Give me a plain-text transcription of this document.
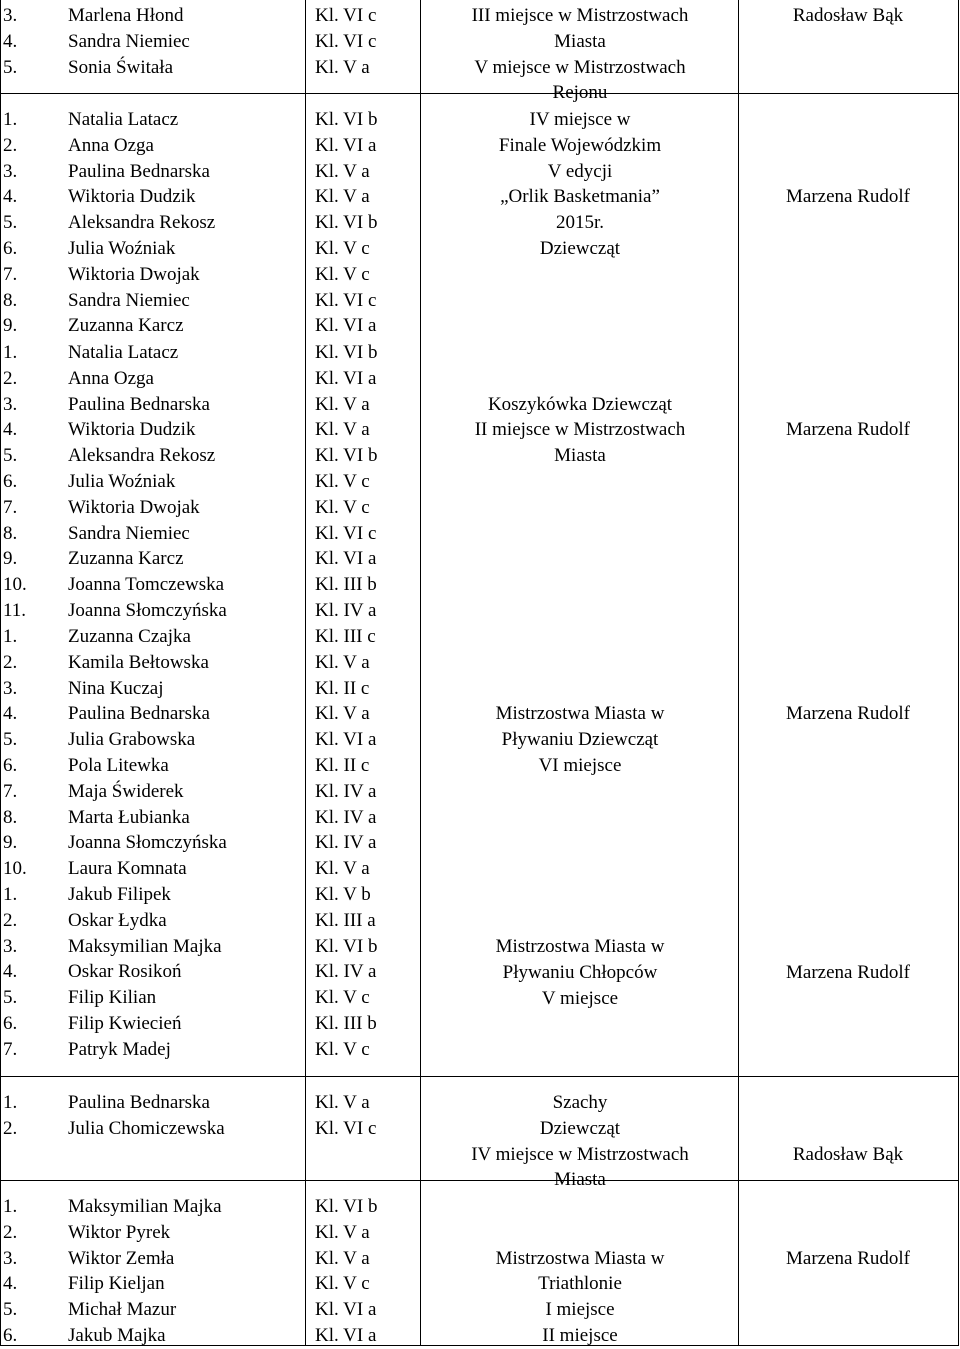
3.	Marlena Hłond	Kl. VI c
4.	Sandra Niemiec	Kl. VI c
5.	Sonia Świtała	Kl. V a
III miejsce w Mistrzostwach
Miasta
V miejsce w Mistrzostwach
Rejonu
Radosław Bąk
1.	Natalia Latacz	Kl. VI b
2.	Anna Ozga	Kl. VI a
3.	Paulina Bednarska	Kl. V a
4.	Wiktoria Dudzik	Kl. V a
5.	Aleksandra Rekosz	Kl. VI b
6.	Julia Woźniak	Kl. V c
7.	Wiktoria Dwojak	Kl. V c
8.	Sandra Niemiec	Kl. VI c
9.	Zuzanna Karcz	Kl. VI a
IV miejsce w
Finale Wojewódzkim
V edycji
„Orlik Basketmania”
2015r.
Dziewcząt
Marzena Rudolf
1.	Natalia Latacz	Kl. VI b
2.	Anna Ozga	Kl. VI a
3.	Paulina Bednarska	Kl. V a
4.	Wiktoria Dudzik	Kl. V a
5.	Aleksandra Rekosz	Kl. VI b
6.	Julia Woźniak	Kl. V c
7.	Wiktoria Dwojak	Kl. V c
8.	Sandra Niemiec	Kl. VI c
9.	Zuzanna Karcz	Kl. VI a
10. Joanna Tomczewska	Kl. III b
11. Joanna Słomczyńska	Kl. IV a
Koszykówka Dziewcząt
II miejsce w Mistrzostwach
Miasta
Marzena Rudolf
1.	Zuzanna Czajka	Kl. III c
2.	Kamila Bełtowska	Kl. V a
3.	Nina Kuczaj	Kl. II c
4.	Paulina Bednarska	Kl. V a
5.	Julia Grabowska	Kl. VI a
6.	Pola Litewka	Kl. II c
7.	Maja Świderek	Kl. IV a
8.	Marta Łubianka	Kl. IV a
9.	Joanna Słomczyńska	Kl. IV a
10. Laura Komnata	Kl. V a
Mistrzostwa Miasta w
Pływaniu Dziewcząt
VI miejsce
Marzena Rudolf
1.	Jakub Filipek	Kl. V b
2.	Oskar Łydka	Kl. III a
3.	Maksymilian Majka	Kl. VI b
4.	Oskar Rosikoń	Kl. IV a
5.	Filip Kilian	Kl. V c
6.	Filip Kwiecień	Kl. III b
7.	Patryk Madej	Kl. V c
Mistrzostwa Miasta w
Pływaniu Chłopców
V miejsce
Marzena Rudolf
1.	Paulina Bednarska	Kl. V a
2.	Julia Chomiczewska	Kl. VI c
Szachy
Dziewcząt
IV miejsce w Mistrzostwach
Miasta
Radosław Bąk
1.	Maksymilian Majka	Kl. VI b
2.	Wiktor Pyrek	Kl. V a
3.	Wiktor Zemła	Kl. V a
4.	Filip Kieljan	Kl. V c
5.	Michał Mazur	Kl. VI a
6.	Jakub Majka	Kl. VI a
Mistrzostwa Miasta w
Triathlonie
I miejsce
II miejsce
Marzena Rudolf
